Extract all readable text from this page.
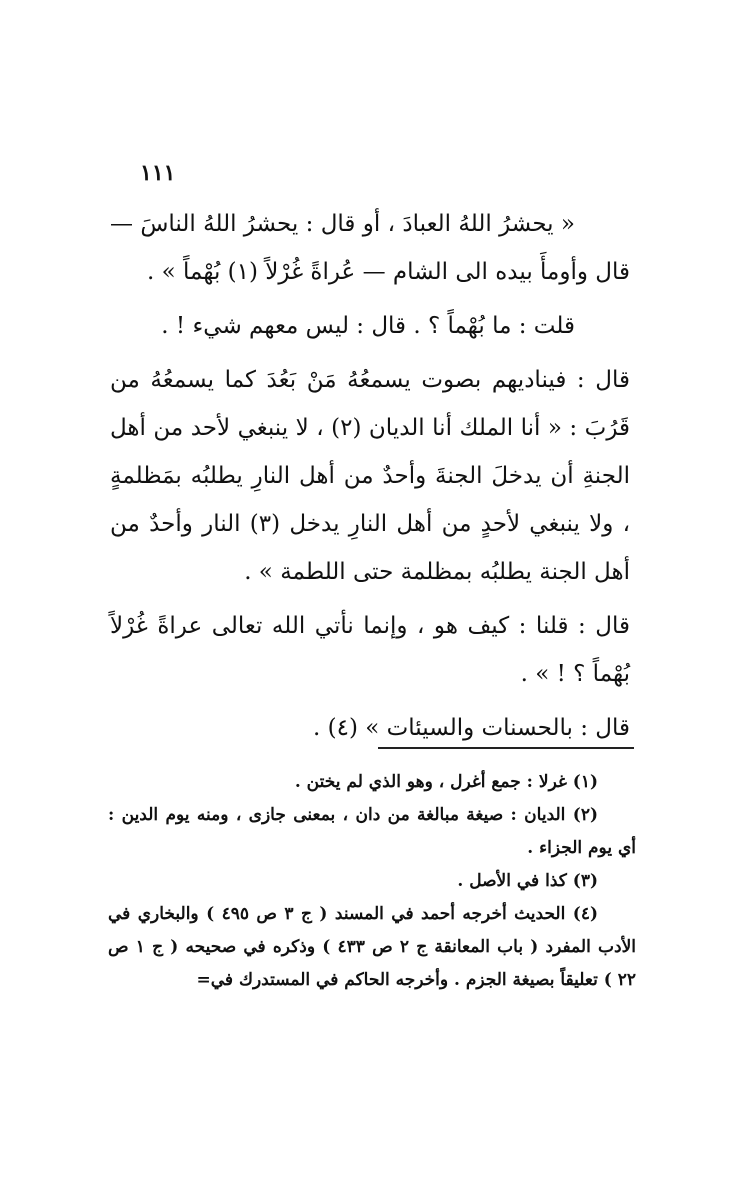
١١١

« يحشرُ اللهُ العبادَ ، أو قال : يحشرُ اللهُ الناسَ — قال وأومأَ بيده الى الشام — عُراةً غُرْلاً (١) بُهْماً » .

قلت : ما بُهْماً ؟ . قال : ليس معهم شيء ! .

قال : فيناديهم بصوت يسمعُهُ مَنْ بَعُدَ كما يسمعُهُ من قَرُبَ : « أنا الملك أنا الديان (٢) ، لا ينبغي لأحد من أهل الجنةِ أن يدخلَ الجنةَ وأحدٌ من أهل النارِ يطلبُه بمَظلمةٍ ، ولا ينبغي لأحدٍ من أهل النارِ يدخل (٣) النار وأحدٌ من أهل الجنة يطلبُه بمظلمة حتى اللطمة » .

قال : قلنا : كيف هو ، وإنما نأتي الله تعالى عراةً غُرْلاً بُهْماً ؟ ! » .

قال : بالحسنات والسيئات » (٤) .

(١) غرلا : جمع أغرل ، وهو الذي لم يختن .

(٢) الديان : صيغة مبالغة من دان ، بمعنى جازى ، ومنه يوم الدين : أي يوم الجزاء .

(٣) كذا في الأصل .

(٤) الحديث أخرجه أحمد في المسند ( ج ٣ ص ٤٩٥ ) والبخاري في الأدب المفرد ( باب المعانقة ج ٢ ص ٤٣٣ ) وذكره في صحيحه ( ج ١ ص ٢٢ ) تعليقاً بصيغة الجزم . وأخرجه الحاكم في المستدرك في=
